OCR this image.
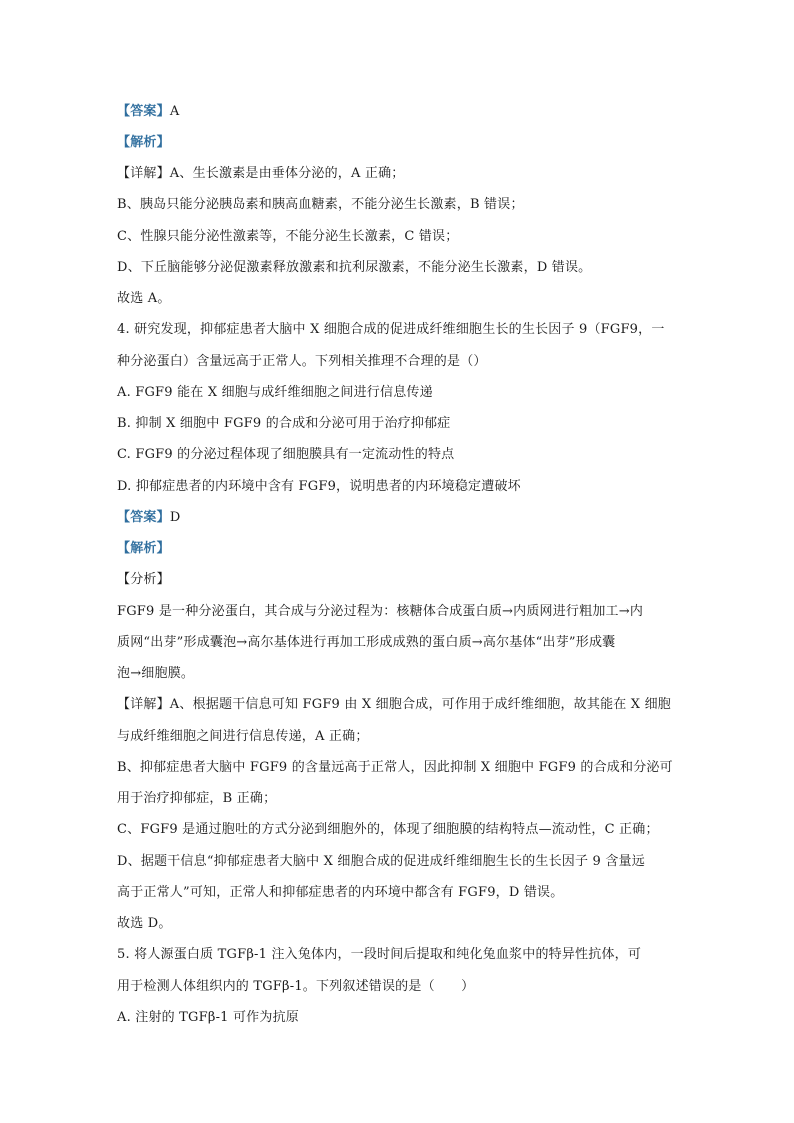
【答案】A
【解析】
【详解】A、生长激素是由垂体分泌的，A 正确；
B、胰岛只能分泌胰岛素和胰高血糖素，不能分泌生长激素，B 错误；
C、性腺只能分泌性激素等，不能分泌生长激素，C 错误；
D、下丘脑能够分泌促激素释放激素和抗利尿激素，不能分泌生长激素，D 错误。
故选 A。
4. 研究发现，抑郁症患者大脑中 X 细胞合成的促进成纤维细胞生长的生长因子 9（FGF9，一
种分泌蛋白）含量远高于正常人。下列相关推理不合理的是（）
A. FGF9 能在 X 细胞与成纤维细胞之间进行信息传递
B. 抑制 X 细胞中 FGF9 的合成和分泌可用于治疗抑郁症
C. FGF9 的分泌过程体现了细胞膜具有一定流动性的特点
D. 抑郁症患者的内环境中含有 FGF9，说明患者的内环境稳定遭破坏
【答案】D
【解析】
【分析】
FGF9 是一种分泌蛋白，其合成与分泌过程为：核糖体合成蛋白质→内质网进行粗加工→内
质网“出芽”形成囊泡→高尔基体进行再加工形成成熟的蛋白质→高尔基体“出芽”形成囊
泡→细胞膜。
【详解】A、根据题干信息可知 FGF9 由 X 细胞合成，可作用于成纤维细胞，故其能在 X 细胞
与成纤维细胞之间进行信息传递，A 正确；
B、抑郁症患者大脑中 FGF9 的含量远高于正常人，因此抑制 X 细胞中 FGF9 的合成和分泌可
用于治疗抑郁症，B 正确；
C、FGF9 是通过胞吐的方式分泌到细胞外的，体现了细胞膜的结构特点—流动性，C 正确；
D、据题干信息“抑郁症患者大脑中 X 细胞合成的促进成纤维细胞生长的生长因子 9 含量远
高于正常人”可知，正常人和抑郁症患者的内环境中都含有 FGF9，D 错误。
故选 D。
5. 将人源蛋白质 TGFβ-1 注入兔体内，一段时间后提取和纯化兔血浆中的特异性抗体，可
用于检测人体组织内的 TGFβ-1。下列叙述错误的是（　　）
A. 注射的 TGFβ-1 可作为抗原
